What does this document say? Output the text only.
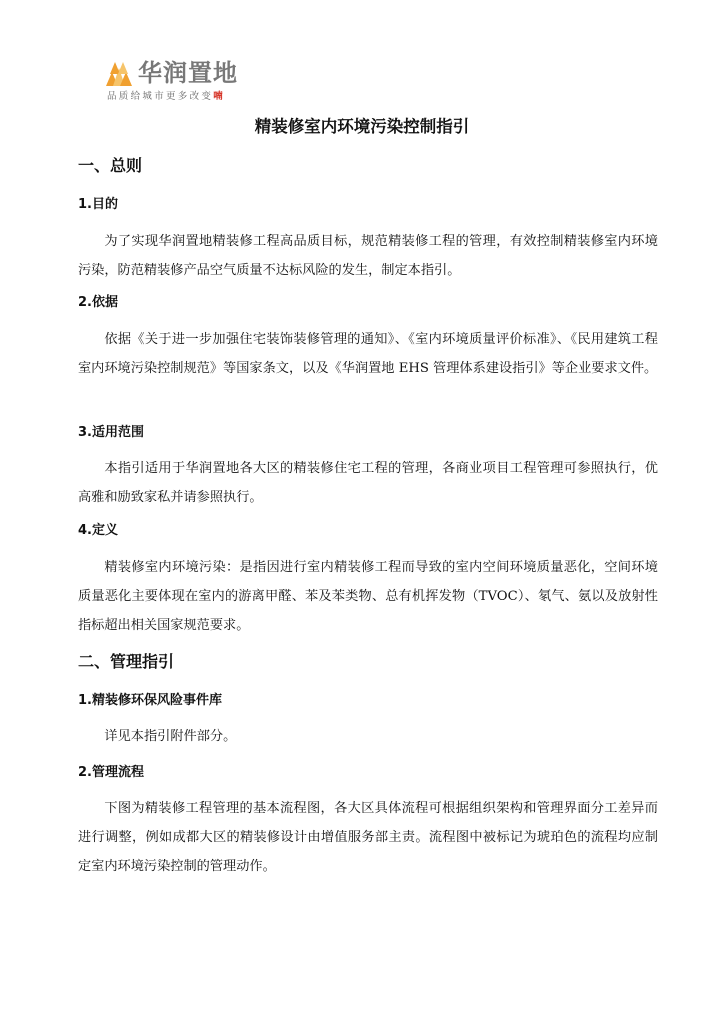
华润置地
品质给城市更多改变喃
精装修室内环境污染控制指引
一、总则
1.目的
为了实现华润置地精装修工程高品质目标，规范精装修工程的管理，有效控制精装修室内环境污染，防范精装修产品空气质量不达标风险的发生，制定本指引。
2.依据
依据《关于进一步加强住宅装饰装修管理的通知》、《室内环境质量评价标准》、《民用建筑工程室内环境污染控制规范》等国家条文，以及《华润置地 EHS 管理体系建设指引》等企业要求文件。
3.适用范围
本指引适用于华润置地各大区的精装修住宅工程的管理，各商业项目工程管理可参照执行，优高雅和励致家私并请参照执行。
4.定义
精装修室内环境污染：是指因进行室内精装修工程而导致的室内空间环境质量恶化，空间环境质量恶化主要体现在室内的游离甲醛、苯及苯类物、总有机挥发物（TVOC）、氡气、氨以及放射性指标超出相关国家规范要求。
二、管理指引
1.精装修环保风险事件库
详见本指引附件部分。
2.管理流程
下图为精装修工程管理的基本流程图，各大区具体流程可根据组织架构和管理界面分工差异而进行调整，例如成都大区的精装修设计由增值服务部主责。流程图中被标记为琥珀色的流程均应制定室内环境污染控制的管理动作。
